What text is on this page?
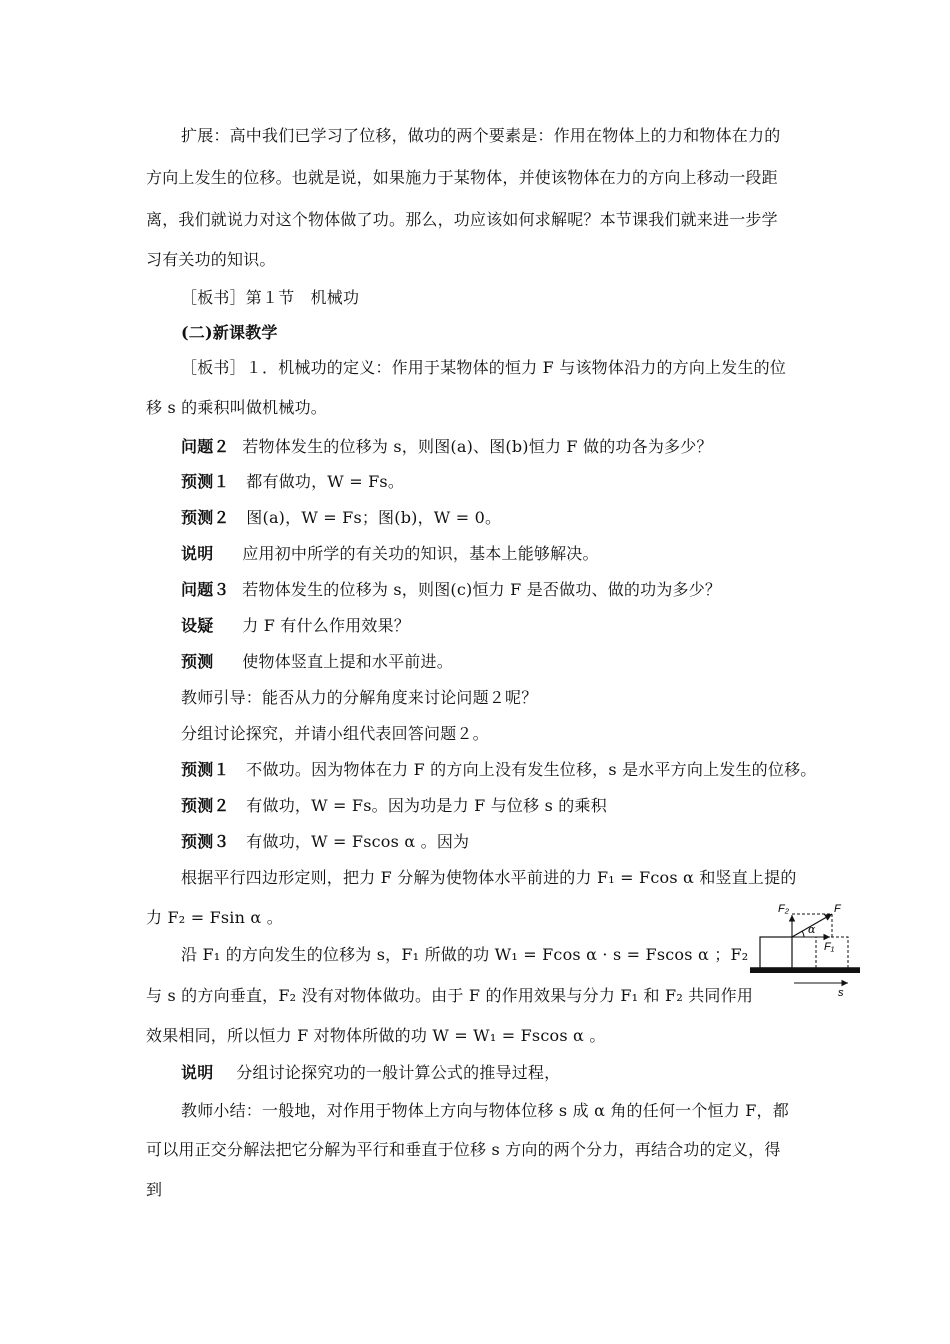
扩展：高中我们已学习了位移，做功的两个要素是：作用在物体上的力和物体在力的
方向上发生的位移。也就是说，如果施力于某物体，并使该物体在力的方向上移动一段距
离，我们就说力对这个物体做了功。那么，功应该如何求解呢？本节课我们就来进一步学
习有关功的知识。
［板书］第１节　机械功
(二)新课教学
［板书］１．机械功的定义：作用于某物体的恒力 F 与该物体沿力的方向上发生的位
移 s 的乘积叫做机械功。
问题２ 若物体发生的位移为 s，则图(a)、图(b)恒力 F 做的功各为多少？
预测１ 都有做功，W = Fs。
预测２ 图(a)，W = Fs；图(b)，W = 0。
说明 应用初中所学的有关功的知识，基本上能够解决。
问题３ 若物体发生的位移为 s，则图(c)恒力 F 是否做功、做的功为多少？
设疑 力 F 有什么作用效果？
预测 使物体竖直上提和水平前进。
教师引导：能否从力的分解角度来讨论问题２呢？
分组讨论探究，并请小组代表回答问题２。
预测１ 不做功。因为物体在力 F 的方向上没有发生位移，s 是水平方向上发生的位移。
预测２ 有做功，W = Fs。因为功是力 F 与位移 s 的乘积
预测３ 有做功，W = Fscos α 。因为
根据平行四边形定则，把力 F 分解为使物体水平前进的力 F₁ = Fcos α 和竖直上提的
力 F₂ = Fsin α 。
沿 F₁ 的方向发生的位移为 s，F₁ 所做的功 W₁ = Fcos α · s = Fscos α ；F₂
与 s 的方向垂直，F₂ 没有对物体做功。由于 F 的作用效果与分力 F₁ 和 F₂ 共同作用
效果相同，所以恒力 F 对物体所做的功 W = W₁ = Fscos α 。
说明 分组讨论探究功的一般计算公式的推导过程，
教师小结：一般地，对作用于物体上方向与物体位移 s 成 α 角的任何一个恒力 F，都
可以用正交分解法把它分解为平行和垂直于位移 s 方向的两个分力，再结合功的定义，得
到
F
F₂
F₁
α
s
